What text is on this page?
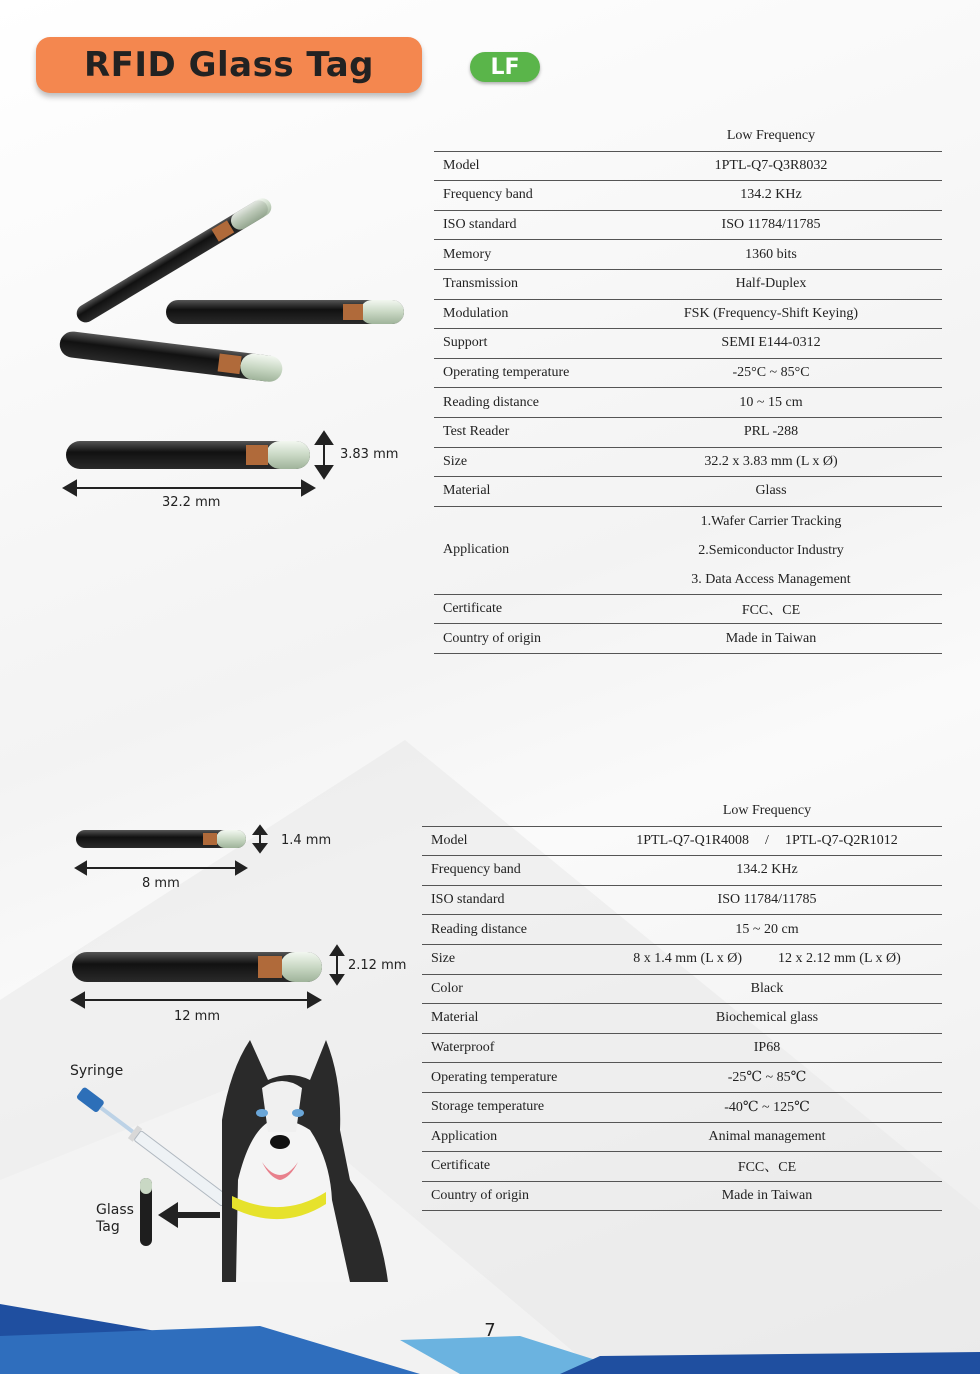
RFID Glass Tag	LF
3.83 mm
32.2 mm
	Low Frequency
Model	1PTL-Q7-Q3R8032
Frequency band	134.2 KHz
ISO standard	ISO 11784/11785
Memory	1360 bits
Transmission	Half-Duplex
Modulation	FSK (Frequency-Shift Keying)
Support	SEMI E144-0312
Operating temperature	-25°C ~ 85°C
Reading distance	10 ~ 15 cm
Test Reader	PRL -288
Size	32.2 x 3.83 mm (L x Ø)
Material	Glass
Application	1.Wafer Carrier Tracking
2.Semiconductor Industry
3. Data Access Management

Certificate	FCC、CE
Country of origin	Made in Taiwan
1.4 mm
8 mm
2.12 mm
12 mm
Syringe
Glass
Tag
	Low Frequency
Model	1PTL-Q7-Q1R4008 / 1PTL-Q7-Q2R1012
Frequency band	134.2 KHz
ISO standard	ISO 11784/11785
Reading distance	15 ~ 20 cm
Size	8 x 1.4 mm (L x Ø) 12 x 2.12 mm (L x Ø)
Color	Black
Material	Biochemical glass
Waterproof	IP68
Operating temperature	-25℃ ~ 85℃
Storage temperature	-40℃ ~ 125℃
Application	Animal management
Certificate	FCC、CE
Country of origin	Made in Taiwan
7
